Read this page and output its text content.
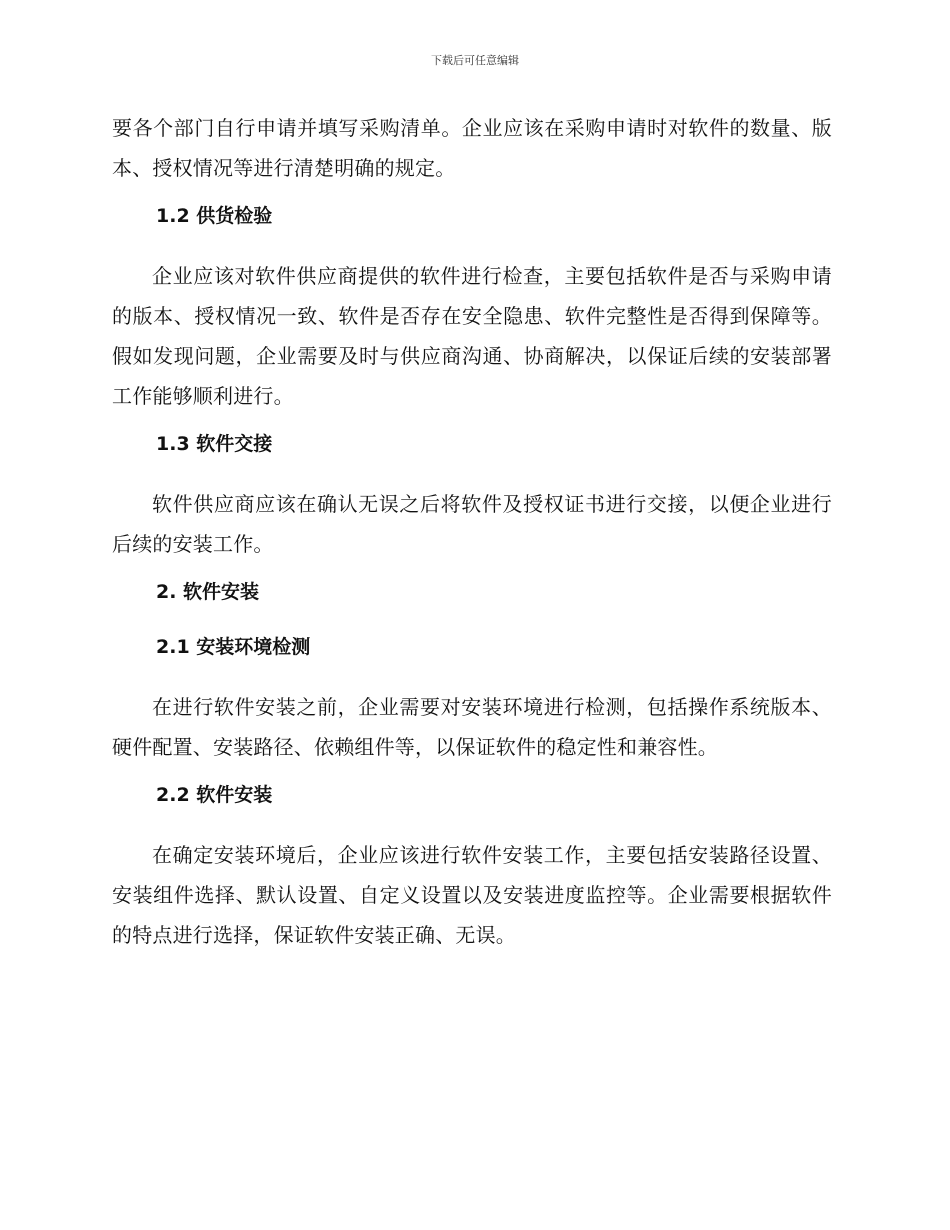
下载后可任意编辑

要各个部门自行申请并填写采购清单。企业应该在采购申请时对软件的数量、版本、授权情况等进行清楚明确的规定。

1.2 供货检验

企业应该对软件供应商提供的软件进行检查，主要包括软件是否与采购申请的版本、授权情况一致、软件是否存在安全隐患、软件完整性是否得到保障等。假如发现问题，企业需要及时与供应商沟通、协商解决，以保证后续的安装部署工作能够顺利进行。

1.3 软件交接

软件供应商应该在确认无误之后将软件及授权证书进行交接，以便企业进行后续的安装工作。

2. 软件安装
2.1 安装环境检测

在进行软件安装之前，企业需要对安装环境进行检测，包括操作系统版本、硬件配置、安装路径、依赖组件等，以保证软件的稳定性和兼容性。

2.2 软件安装

在确定安装环境后，企业应该进行软件安装工作，主要包括安装路径设置、安装组件选择、默认设置、自定义设置以及安装进度监控等。企业需要根据软件的特点进行选择，保证软件安装正确、无误。
